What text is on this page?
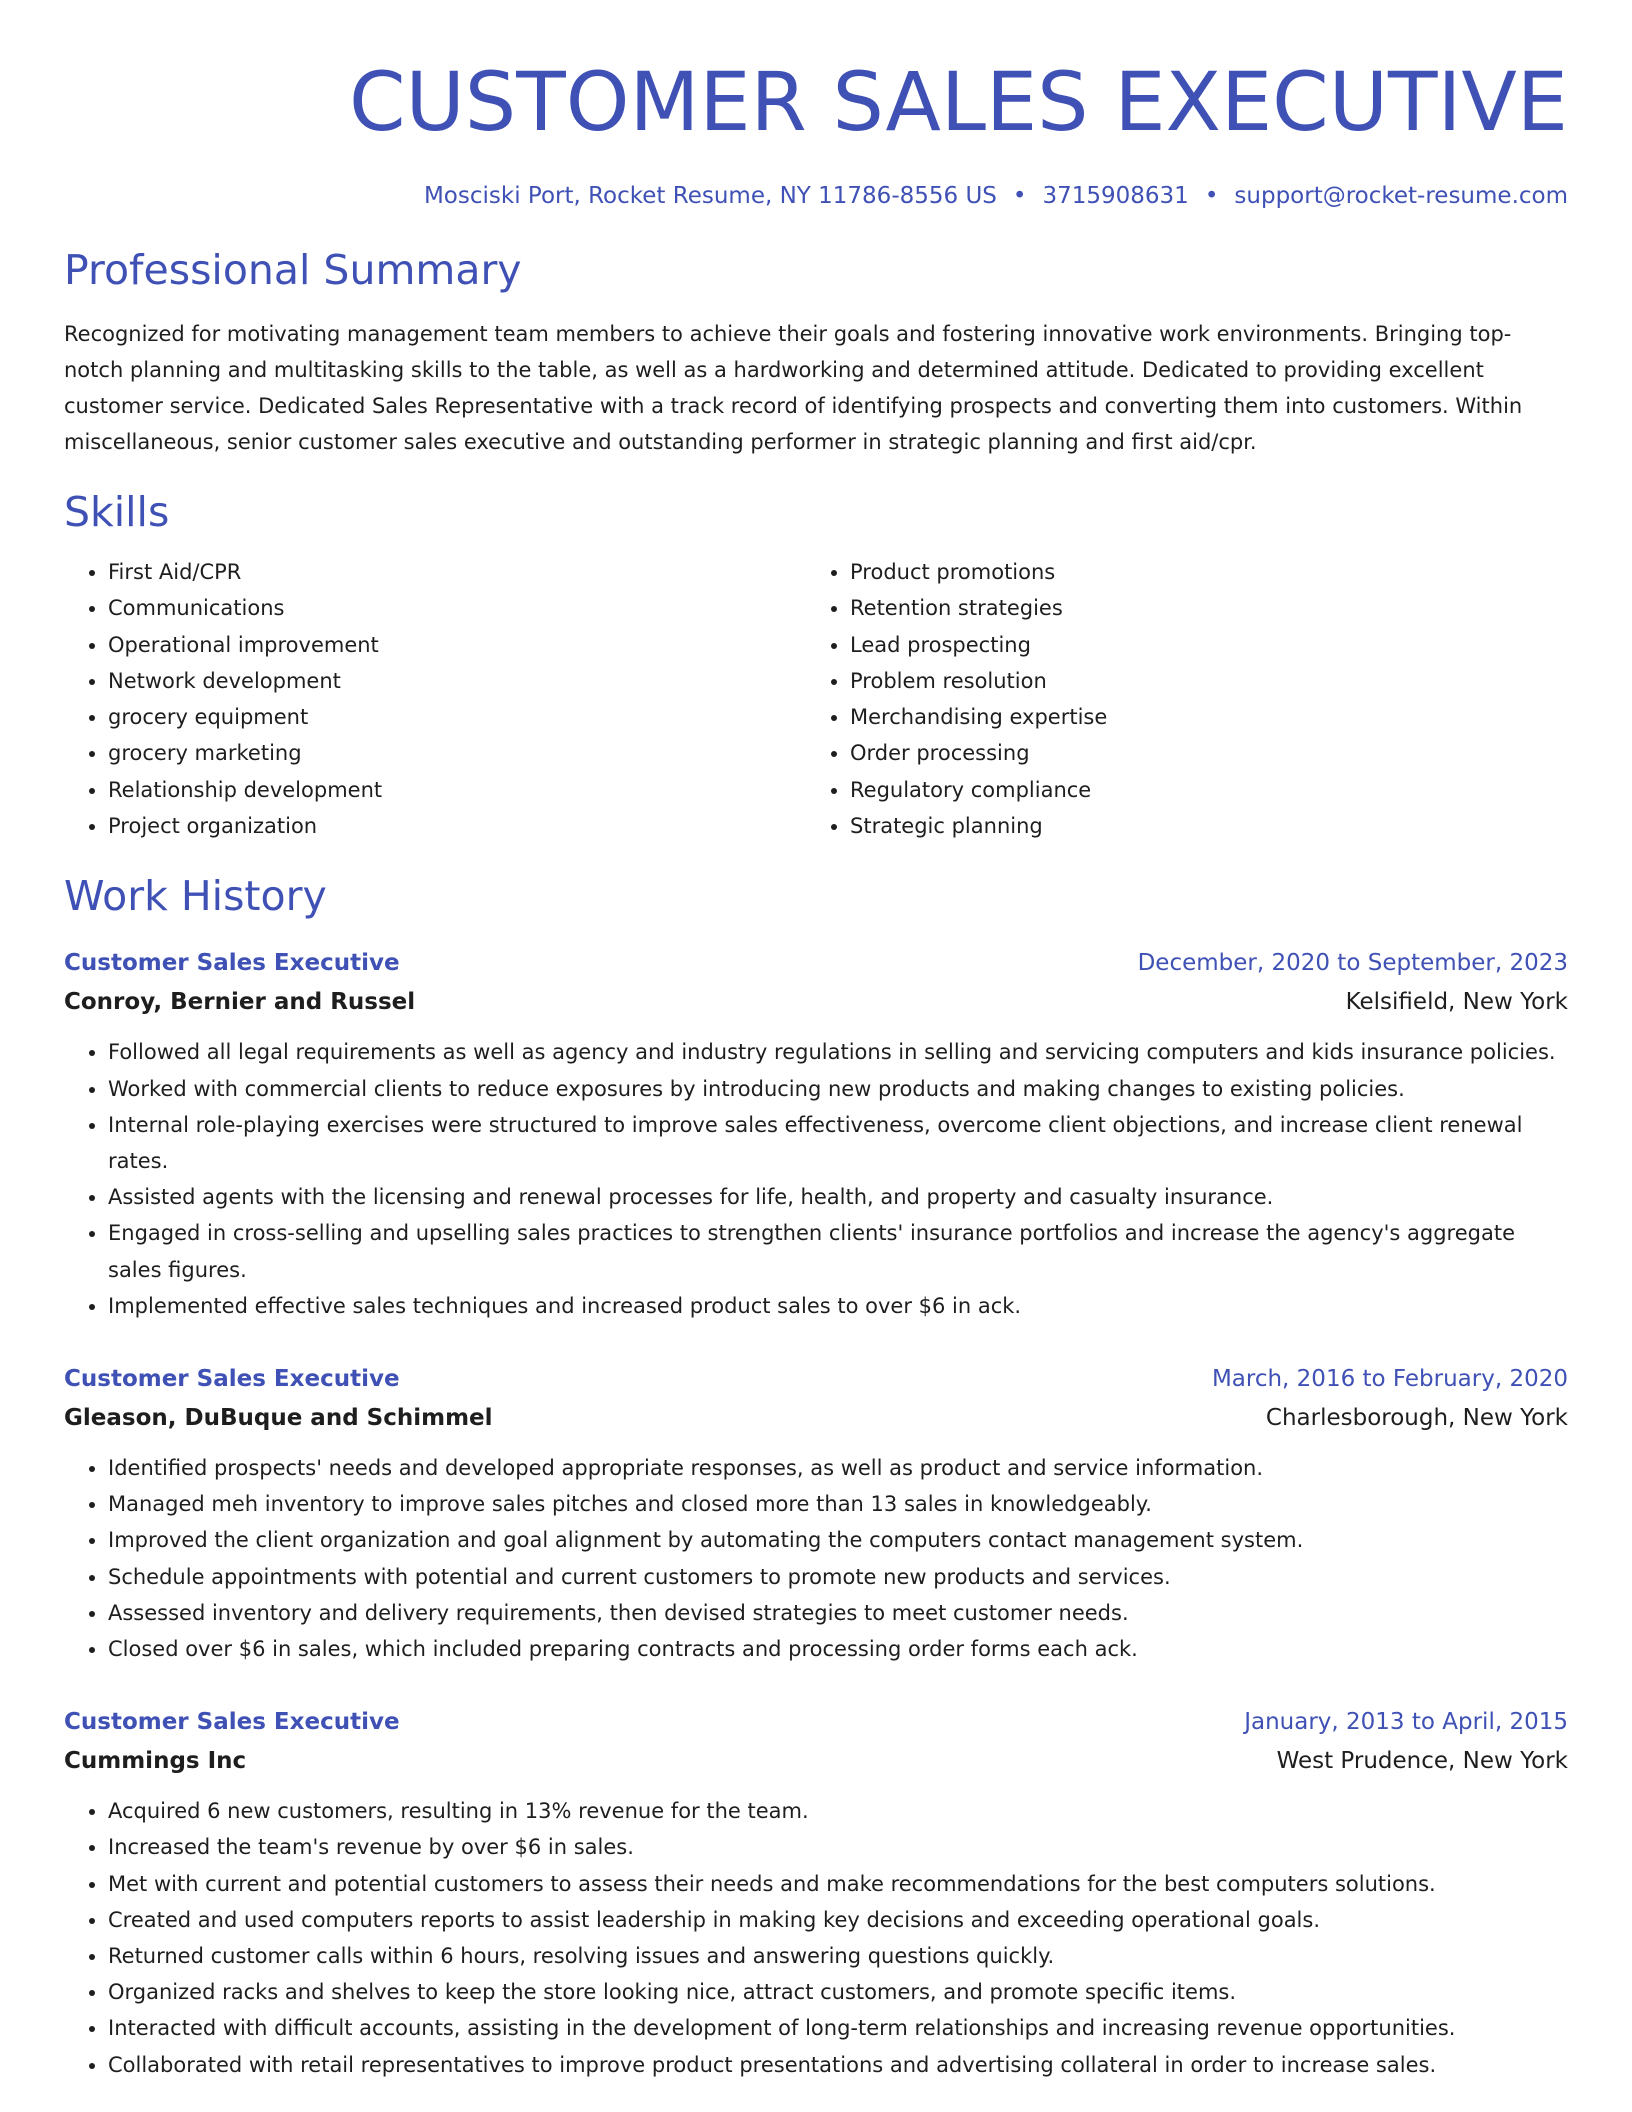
CUSTOMER SALES EXECUTIVE
Mosciski Port, Rocket Resume, NY 11786-8556 US • 3715908631 • support@rocket-resume.com
Professional Summary
Recognized for motivating management team members to achieve their goals and fostering innovative work environments. Bringing top-notch planning and multitasking skills to the table, as well as a hardworking and determined attitude. Dedicated to providing excellent customer service. Dedicated Sales Representative with a track record of identifying prospects and converting them into customers. Within miscellaneous, senior customer sales executive and outstanding performer in strategic planning and first aid/cpr.
Skills
• First Aid/CPR
• Communications
• Operational improvement
• Network development
• grocery equipment
• grocery marketing
• Relationship development
• Project organization
• Product promotions
• Retention strategies
• Lead prospecting
• Problem resolution
• Merchandising expertise
• Order processing
• Regulatory compliance
• Strategic planning
Work History
Customer Sales Executive	December, 2020 to September, 2023
Conroy, Bernier and Russel	Kelsifield, New York
• Followed all legal requirements as well as agency and industry regulations in selling and servicing computers and kids insurance policies.
• Worked with commercial clients to reduce exposures by introducing new products and making changes to existing policies.
• Internal role-playing exercises were structured to improve sales effectiveness, overcome client objections, and increase client renewal rates.
• Assisted agents with the licensing and renewal processes for life, health, and property and casualty insurance.
• Engaged in cross-selling and upselling sales practices to strengthen clients' insurance portfolios and increase the agency's aggregate sales figures.
• Implemented effective sales techniques and increased product sales to over $6 in ack.
Customer Sales Executive	March, 2016 to February, 2020
Gleason, DuBuque and Schimmel	Charlesborough, New York
• Identified prospects' needs and developed appropriate responses, as well as product and service information.
• Managed meh inventory to improve sales pitches and closed more than 13 sales in knowledgeably.
• Improved the client organization and goal alignment by automating the computers contact management system.
• Schedule appointments with potential and current customers to promote new products and services.
• Assessed inventory and delivery requirements, then devised strategies to meet customer needs.
• Closed over $6 in sales, which included preparing contracts and processing order forms each ack.
Customer Sales Executive	January, 2013 to April, 2015
Cummings Inc	West Prudence, New York
• Acquired 6 new customers, resulting in 13% revenue for the team.
• Increased the team's revenue by over $6 in sales.
• Met with current and potential customers to assess their needs and make recommendations for the best computers solutions.
• Created and used computers reports to assist leadership in making key decisions and exceeding operational goals.
• Returned customer calls within 6 hours, resolving issues and answering questions quickly.
• Organized racks and shelves to keep the store looking nice, attract customers, and promote specific items.
• Interacted with difficult accounts, assisting in the development of long-term relationships and increasing revenue opportunities.
• Collaborated with retail representatives to improve product presentations and advertising collateral in order to increase sales.
